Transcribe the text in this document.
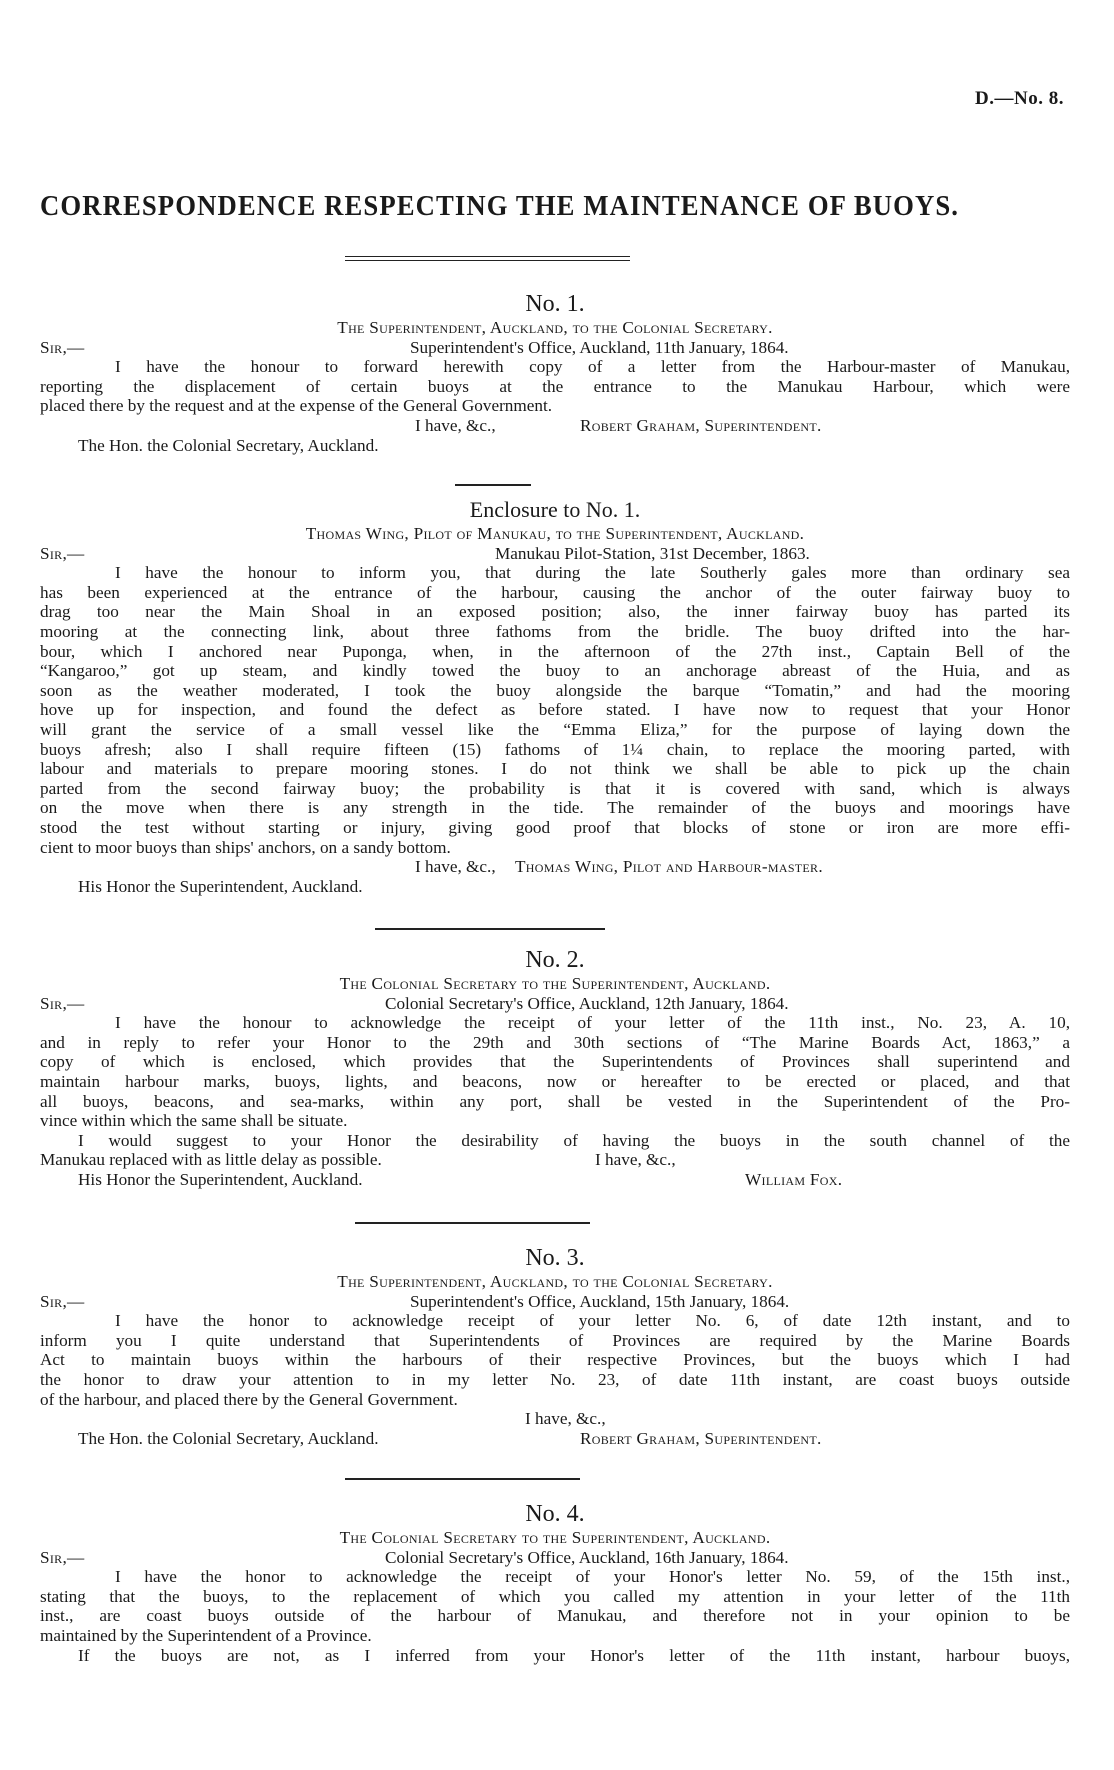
D.—No. 8.
CORRESPONDENCE RESPECTING THE MAINTENANCE OF BUOYS.
No. 1.
The Superintendent, Auckland, to the Colonial Secretary.
Sir,—	Superintendent's Office, Auckland, 11th January, 1864.
I have the honour to forward herewith copy of a letter from the Harbour-master of Manukau,
reporting the displacement of certain buoys at the entrance to the Manukau Harbour, which were
placed there by the request and at the expense of the General Government.
I have, &c.,	Robert Graham, Superintendent.
The Hon. the Colonial Secretary, Auckland.
Enclosure to No. 1.
Thomas Wing, Pilot of Manukau, to the Superintendent, Auckland.
Sir,—	Manukau Pilot-Station, 31st December, 1863.
I have the honour to inform you, that during the late Southerly gales more than ordinary sea
has been experienced at the entrance of the harbour, causing the anchor of the outer fairway buoy to
drag too near the Main Shoal in an exposed position; also, the inner fairway buoy has parted its
mooring at the connecting link, about three fathoms from the bridle. The buoy drifted into the har-
bour, which I anchored near Puponga, when, in the afternoon of the 27th inst., Captain Bell of the
“Kangaroo,” got up steam, and kindly towed the buoy to an anchorage abreast of the Huia, and as
soon as the weather moderated, I took the buoy alongside the barque “Tomatin,” and had the mooring
hove up for inspection, and found the defect as before stated. I have now to request that your Honor
will grant the service of a small vessel like the “Emma Eliza,” for the purpose of laying down the
buoys afresh; also I shall require fifteen (15) fathoms of 1¼ chain, to replace the mooring parted, with
labour and materials to prepare mooring stones. I do not think we shall be able to pick up the chain
parted from the second fairway buoy; the probability is that it is covered with sand, which is always
on the move when there is any strength in the tide. The remainder of the buoys and moorings have
stood the test without starting or injury, giving good proof that blocks of stone or iron are more effi-
cient to moor buoys than ships' anchors, on a sandy bottom.
I have, &c., Thomas Wing, Pilot and Harbour-master.
His Honor the Superintendent, Auckland.
No. 2.
The Colonial Secretary to the Superintendent, Auckland.
Sir,—	Colonial Secretary's Office, Auckland, 12th January, 1864.
I have the honour to acknowledge the receipt of your letter of the 11th inst., No. 23, A. 10,
and in reply to refer your Honor to the 29th and 30th sections of “The Marine Boards Act, 1863,” a
copy of which is enclosed, which provides that the Superintendents of Provinces shall superintend and
maintain harbour marks, buoys, lights, and beacons, now or hereafter to be erected or placed, and that
all buoys, beacons, and sea-marks, within any port, shall be vested in the Superintendent of the Pro-
vince within which the same shall be situate.
I would suggest to your Honor the desirability of having the buoys in the south channel of the
Manukau replaced with as little delay as possible.	I have, &c.,
His Honor the Superintendent, Auckland.	William Fox.
No. 3.
The Superintendent, Auckland, to the Colonial Secretary.
Sir,—	Superintendent's Office, Auckland, 15th January, 1864.
I have the honor to acknowledge receipt of your letter No. 6, of date 12th instant, and to
inform you I quite understand that Superintendents of Provinces are required by the Marine Boards
Act to maintain buoys within the harbours of their respective Provinces, but the buoys which I had
the honor to draw your attention to in my letter No. 23, of date 11th instant, are coast buoys outside
of the harbour, and placed there by the General Government.
I have, &c.,
The Hon. the Colonial Secretary, Auckland.	Robert Graham, Superintendent.
No. 4.
The Colonial Secretary to the Superintendent, Auckland.
Sir,—	Colonial Secretary's Office, Auckland, 16th January, 1864.
I have the honor to acknowledge the receipt of your Honor's letter No. 59, of the 15th inst.,
stating that the buoys, to the replacement of which you called my attention in your letter of the 11th
inst., are coast buoys outside of the harbour of Manukau, and therefore not in your opinion to be
maintained by the Superintendent of a Province.
If the buoys are not, as I inferred from your Honor's letter of the 11th instant, harbour buoys,
